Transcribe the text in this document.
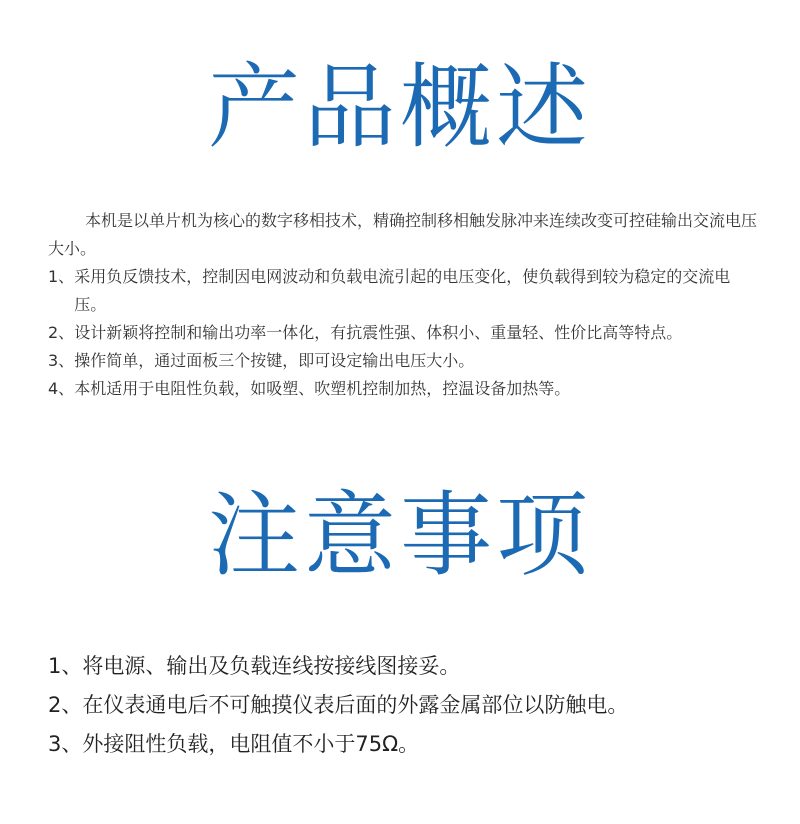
产品概述

本机是以单片机为核心的数字移相技术，精确控制移相触发脉冲来连续改变可控硅输出交流电压大小。

1、 采用负反馈技术，控制因电网波动和负载电流引起的电压变化，使负载得到较为稳定的交流电压。

2、 设计新颖将控制和输出功率一体化，有抗震性强、体积小、重量轻、性价比高等特点。

3、 操作简单，通过面板三个按键，即可设定输出电压大小。

4、 本机适用于电阻性负载，如吸塑、吹塑机控制加热，控温设备加热等。

注意事项

1、 将电源、输出及负载连线按接线图接妥。

2、 在仪表通电后不可触摸仪表后面的外露金属部位以防触电。

3、 外接阻性负载，电阻值不小于75Ω。
